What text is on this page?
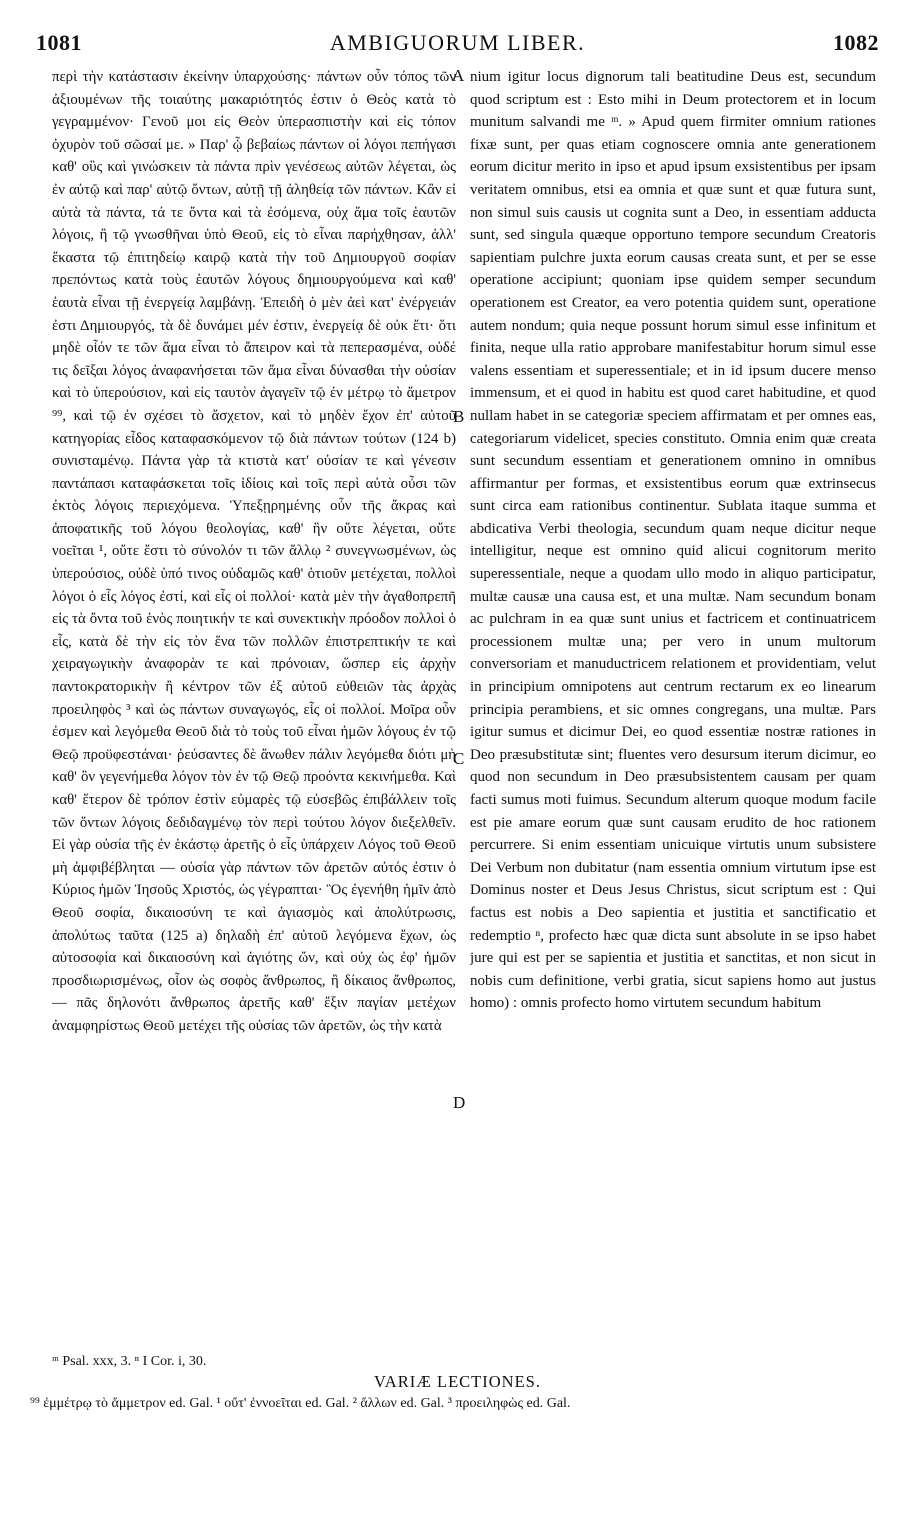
1081	AMBIGUORUM LIBER.	1082

περὶ τὴν κατάστασιν ἐκείνην ὑπαρχούσης· πάντων οὖν τόπος τῶν ἀξιουμένων τῆς τοιαύτης μακαριότητός ἐστιν ὁ Θεὸς κατὰ τὸ γεγραμμένον· Γενοῦ μοι εἰς Θεὸν ὑπερασπιστὴν καὶ εἰς τόπον ὀχυρὸν τοῦ σῶσαί με. » Παρ' ᾧ βεβαίως πάντων οἱ λόγοι πεπήγασι καθ' οὓς καὶ γινώσκειν τὰ πάντα πρὶν γενέσεως αὐτῶν λέγεται, ὡς ἐν αὐτῷ καὶ παρ' αὐτῷ ὄντων, αὐτῇ τῇ ἀληθείᾳ τῶν πάντων. Κἂν εἰ αὐτὰ τὰ πάντα, τά τε ὄντα καὶ τὰ ἐσόμενα, οὐχ ἅμα τοῖς ἑαυτῶν λόγοις, ἢ τῷ γνωσθῆναι ὑπὸ Θεοῦ, εἰς τὸ εἶναι παρήχθησαν, ἀλλ' ἕκαστα τῷ ἐπιτηδείῳ καιρῷ κατὰ τὴν τοῦ Δημιουργοῦ σοφίαν πρεπόντως κατὰ τοὺς ἑαυτῶν λόγους δημιουργούμενα καὶ καθ' ἑαυτὰ εἶναι τῇ ἐνεργείᾳ λαμβάνῃ. Ἐπειδὴ ὁ μὲν ἀεὶ κατ' ἐνέργειάν ἐστι Δημιουργός, τὰ δὲ δυνάμει μέν ἐστιν, ἐνεργείᾳ δὲ οὐκ ἔτι· ὅτι μηδὲ οἷόν τε τῶν ἅμα εἶναι τὸ ἄπειρον καὶ τὰ πεπερασμένα, οὐδέ τις δεῖξαι λόγος ἀναφανήσεται τῶν ἅμα εἶναι δύνασθαι τὴν οὐσίαν καὶ τὸ ὑπερούσιον, καὶ εἰς ταυτὸν ἀγαγεῖν τῷ ἐν μέτρῳ τὸ ἄμετρον ⁹⁹, καὶ τῷ ἐν σχέσει τὸ ἄσχετον, καὶ τὸ μηδὲν ἔχον ἐπ' αὐτοῦ κατηγορίας εἶδος καταφασκόμενον τῷ διὰ πάντων τούτων (124 b) συνισταμένῳ. Πάντα γὰρ τὰ κτιστὰ κατ' οὐσίαν τε καὶ γένεσιν παντάπασι καταφάσκεται τοῖς ἰδίοις καὶ τοῖς περὶ αὐτὰ οὖσι τῶν ἐκτὸς λόγοις περιεχόμενα. Ὑπεξῃρημένης οὖν τῆς ἄκρας καὶ ἀποφατικῆς τοῦ λόγου θεολογίας, καθ' ἣν οὔτε λέγεται, οὔτε νοεῖται ¹, οὔτε ἔστι τὸ σύνολόν τι τῶν ἄλλῳ ² συνεγνωσμένων, ὡς ὑπερούσιος, οὐδὲ ὑπό τινος οὐδαμῶς καθ' ὁτιοῦν μετέχεται, πολλοὶ λόγοι ὁ εἷς λόγος ἐστί, καὶ εἷς οἱ πολλοί· κατὰ μὲν τὴν ἀγαθοπρεπῆ εἰς τὰ ὄντα τοῦ ἑνὸς ποιητικήν τε καὶ συνεκτικὴν πρόοδον πολλοὶ ὁ εἷς, κατὰ δὲ τὴν εἰς τὸν ἕνα τῶν πολλῶν ἐπιστρεπτικήν τε καὶ χειραγωγικὴν ἀναφορὰν τε καὶ πρόνοιαν, ὥσπερ εἰς ἀρχὴν παντοκρατορικὴν ἢ κέντρον τῶν ἐξ αὐτοῦ εὐθειῶν τὰς ἀρχὰς προειληφὸς ³ καὶ ὡς πάντων συναγωγός, εἷς οἱ πολλοί. Μοῖρα οὖν ἐσμεν καὶ λεγόμεθα Θεοῦ διὰ τὸ τοὺς τοῦ εἶναι ἡμῶν λόγους ἐν τῷ Θεῷ προϋφεστάναι· ῥεύσαντες δὲ ἄνωθεν πάλιν λεγόμεθα διότι μὴ καθ' ὃν γεγενήμεθα λόγον τὸν ἐν τῷ Θεῷ προόντα κεκινήμεθα. Καὶ καθ' ἕτερον δὲ τρόπον ἐστὶν εὐμαρὲς τῷ εὐσεβῶς ἐπιβάλλειν τοῖς τῶν ὄντων λόγοις δεδιδαγμένῳ τὸν περὶ τούτου λόγον διεξελθεῖν. Εἰ γὰρ οὐσία τῆς ἐν ἑκάστῳ ἀρετῆς ὁ εἷς ὑπάρχειν Λόγος τοῦ Θεοῦ μὴ ἀμφιβέβληται — οὐσία γὰρ πάντων τῶν ἀρετῶν αὐτός ἐστιν ὁ Κύριος ἡμῶν Ἰησοῦς Χριστός, ὡς γέγραπται· Ὃς ἐγενήθη ἡμῖν ἀπὸ Θεοῦ σοφία, δικαιοσύνη τε καὶ ἁγιασμὸς καὶ ἀπολύτρωσις, ἀπολύτως ταῦτα (125 a) δηλαδὴ ἐπ' αὐτοῦ λεγόμενα ἔχων, ὡς αὐτοσοφία καὶ δικαιοσύνη καὶ ἁγιότης ὤν, καὶ οὐχ ὡς ἐφ' ἡμῶν προσδιωρισμένως, οἷον ὡς σοφὸς ἄνθρωπος, ἢ δίκαιος ἄνθρωπος, — πᾶς δηλονότι ἄνθρωπος ἀρετῆς καθ' ἕξιν παγίαν μετέχων ἀναμφηρίστως Θεοῦ μετέχει τῆς οὐσίας τῶν ἀρετῶν, ὡς τὴν κατὰ

A
B
C
D

nium igitur locus dignorum tali beatitudine Deus est, secundum quod scriptum est : Esto mihi in Deum protectorem et in locum munitum salvandi me ᵐ. » Apud quem firmiter omnium rationes fixæ sunt, per quas etiam cognoscere omnia ante generationem eorum dicitur merito in ipso et apud ipsum exsistentibus per ipsam veritatem omnibus, etsi ea omnia et quæ sunt et quæ futura sunt, non simul suis causis ut cognita sunt a Deo, in essentiam adducta sunt, sed singula quæque opportuno tempore secundum Creatoris sapientiam pulchre juxta eorum causas creata sunt, et per se esse operatione accipiunt; quoniam ipse quidem semper secundum operationem est Creator, ea vero potentia quidem sunt, operatione autem nondum; quia neque possunt horum simul esse infinitum et finita, neque ulla ratio approbare manifestabitur horum simul esse valens essentiam et superessentiale; et in id ipsum ducere menso immensum, et ei quod in habitu est quod caret habitudine, et quod nullam habet in se categoriæ speciem affirmatam et per omnes eas, categoriarum videlicet, species constituto. Omnia enim quæ creata sunt secundum essentiam et generationem omnino in omnibus affirmantur per formas, et exsistentibus eorum quæ extrinsecus sunt circa eam rationibus continentur. Sublata itaque summa et abdicativa Verbi theologia, secundum quam neque dicitur neque intelligitur, neque est omnino quid alicui cognitorum merito superessentiale, neque a quodam ullo modo in aliquo participatur, multæ causæ una causa est, et una multæ. Nam secundum bonam ac pulchram in ea quæ sunt unius et factricem et continuatricem processionem multæ una; per vero in unum multorum conversoriam et manuductricem relationem et providentiam, velut in principium omnipotens aut centrum rectarum ex eo linearum principia perambiens, et sic omnes congregans, una multæ. Pars igitur sumus et dicimur Dei, eo quod essentiæ nostræ rationes in Deo præsubstitutæ sint; fluentes vero desursum iterum dicimur, eo quod non secundum in Deo præsubsistentem causam per quam facti sumus moti fuimus. Secundum alterum quoque modum facile est pie amare eorum quæ sunt causam erudito de hoc rationem percurrere. Si enim essentiam unicuique virtutis unum subsistere Dei Verbum non dubitatur (nam essentia omnium virtutum ipse est Dominus noster et Deus Jesus Christus, sicut scriptum est : Qui factus est nobis a Deo sapientia et justitia et sanctificatio et redemptio ⁿ, profecto hæc quæ dicta sunt absolute in se ipso habet jure qui est per se sapientia et justitia et sanctitas, et non sicut in nobis cum definitione, verbi gratia, sicut sapiens homo aut justus homo) : omnis profecto homo virtutem secundum habitum

ᵐ Psal. xxx, 3. ⁿ I Cor. i, 30.
VARIÆ LECTIONES.
⁹⁹ ἐμμέτρῳ τὸ ἄμμετρον ed. Gal. ¹ οὔτ' ἐννοεῖται ed. Gal. ² ἄλλων ed. Gal. ³ προειληφὼς ed. Gal.
